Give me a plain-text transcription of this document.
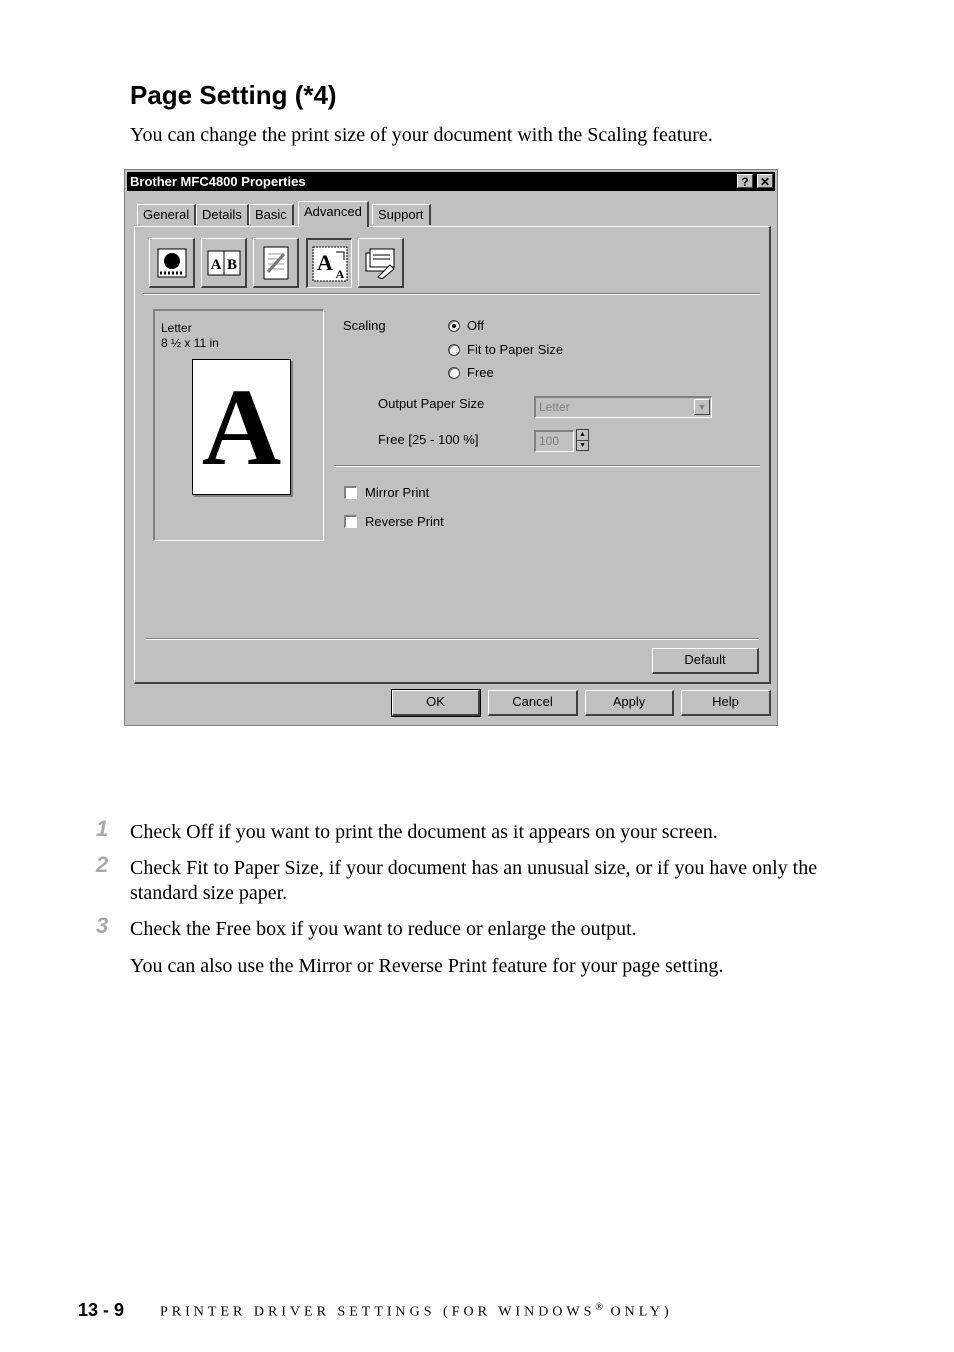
Page Setting (*4)
You can change the print size of your document with the Scaling feature.
Brother MFC4800 Properties	? ✕
General Details	Basic	Advanced	Support
A B	A A
Letter
8 ½ x 11 in
A
Scaling	Off
Fit to Paper Size
Free
Output Paper Size	Letter	▼
Free [25 - 100 %]	100	▲
▼
Mirror Print
Reverse Print
Default
OK	Cancel	Apply	Help
1 Check Off if you want to print the document as it appears on your screen.
2 Check Fit to Paper Size, if your document has an unusual size, or if you have only the standard size paper.
3 Check the Free box if you want to reduce or enlarge the output.
You can also use the Mirror or Reverse Print feature for your page setting.
13 - 9	PRINTER DRIVER SETTINGS (FOR WINDOWS® ONLY)
